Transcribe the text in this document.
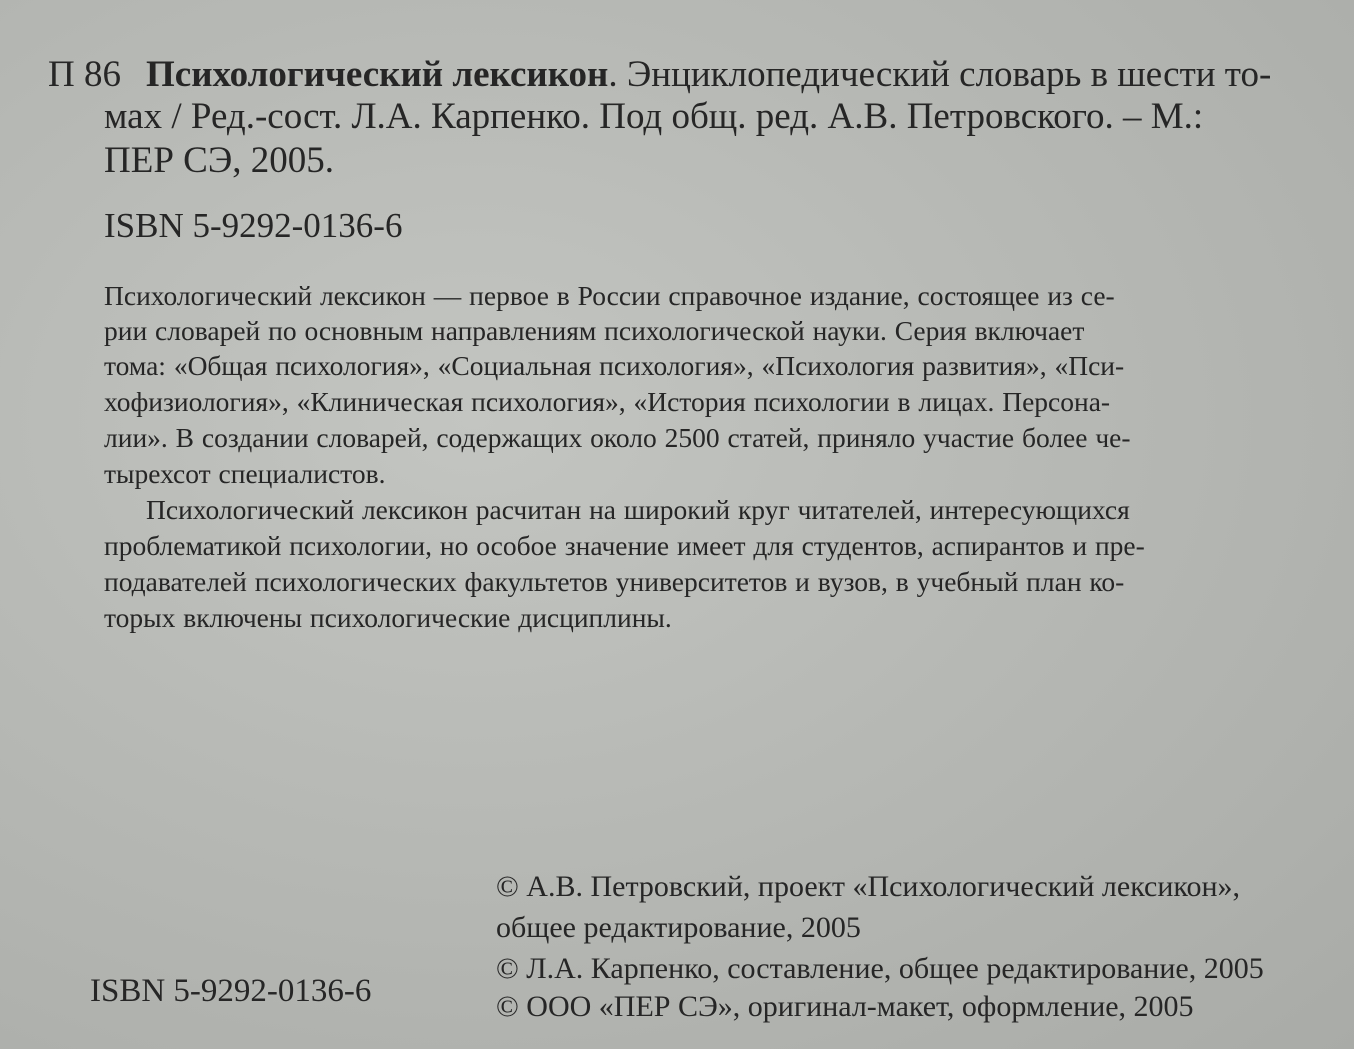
П 86 Психологический лексикон. Энциклопедический словарь в шести то-
мах / Ред.-сост. Л.А. Карпенко. Под общ. ред. А.В. Петровского. – М.:
ПЕР СЭ, 2005.
ISBN 5-9292-0136-6
Психологический лексикон — первое в России справочное издание, состоящее из се-
рии словарей по основным направлениям психологической науки. Серия включает
тома: «Общая психология», «Социальная психология», «Психология развития», «Пси-
хофизиология», «Клиническая психология», «История психологии в лицах. Персона-
лии». В создании словарей, содержащих около 2500 статей, приняло участие более че-
тырехсот специалистов.
Психологический лексикон расчитан на широкий круг читателей, интересующихся
проблематикой психологии, но особое значение имеет для студентов, аспирантов и пре-
подавателей психологических факультетов университетов и вузов, в учебный план ко-
торых включены психологические дисциплины.
© А.В. Петровский, проект «Психологический лексикон»,
общее редактирование, 2005
© Л.А. Карпенко, составление, общее редактирование, 2005
© ООО «ПЕР СЭ», оригинал-макет, оформление, 2005
ISBN 5-9292-0136-6
